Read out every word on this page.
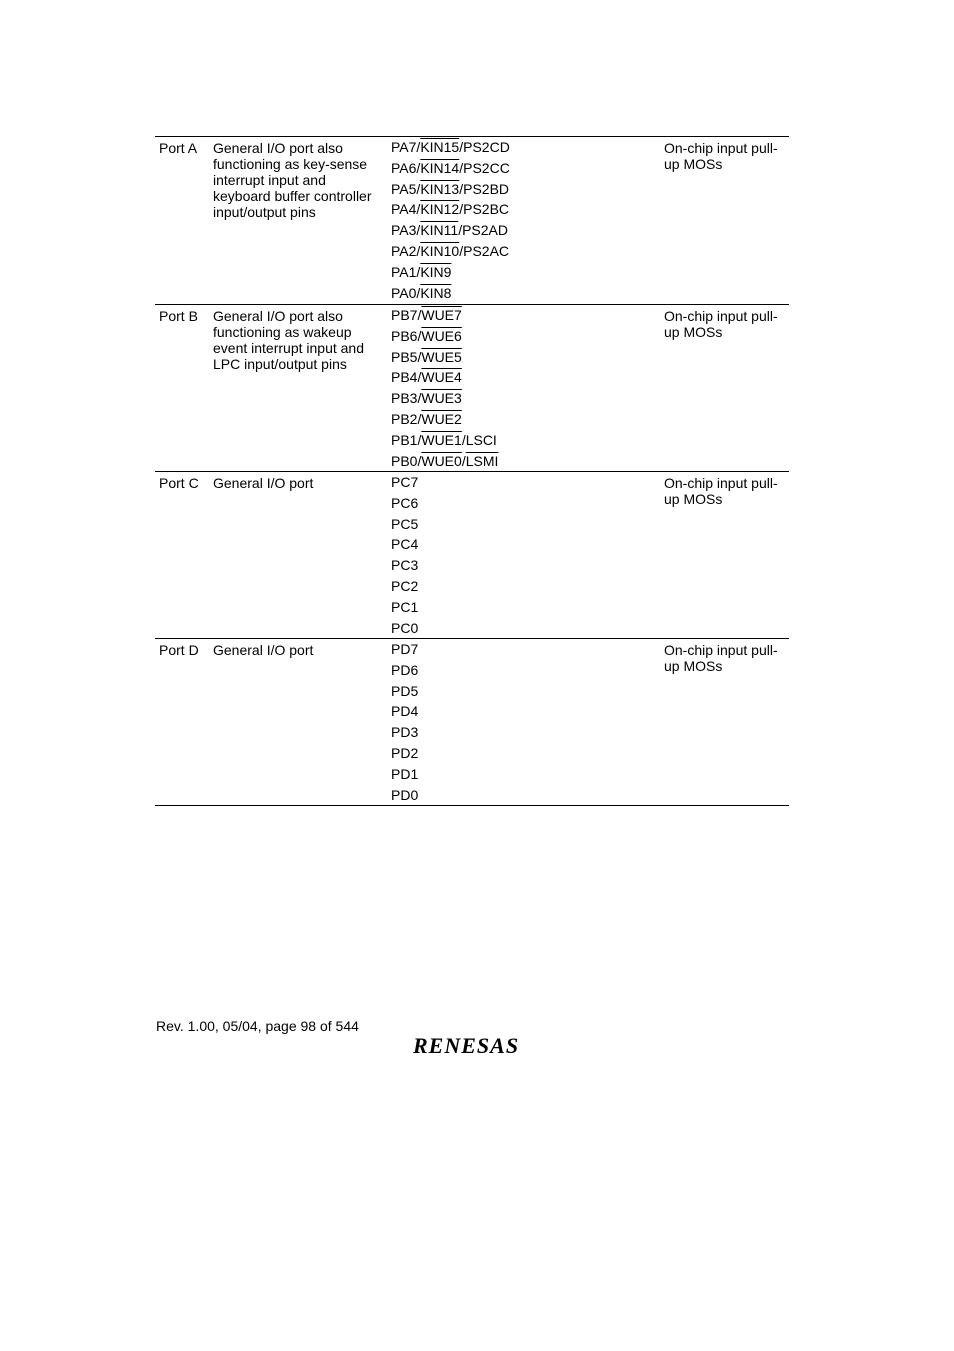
Port A General I/O port also functioning as key-sense interrupt input and keyboard buffer controller input/output pins
PA7/KIN15/PS2CD
PA6/KIN14/PS2CC
PA5/KIN13/PS2BD
PA4/KIN12/PS2BC
PA3/KIN11/PS2AD
PA2/KIN10/PS2AC
PA1/KIN9
PA0/KIN8
On-chip input pull-up MOSs
Port B General I/O port also functioning as wakeup event interrupt input and LPC input/output pins
PB7/WUE7
PB6/WUE6
PB5/WUE5
PB4/WUE4
PB3/WUE3
PB2/WUE2
PB1/WUE1/LSCI
PB0/WUE0/LSMI
On-chip input pull-up MOSs
Port C General I/O port	PC7
PC6
PC5
PC4
PC3
PC2
PC1
PC0
On-chip input pull-up MOSs
Port D General I/O port	PD7
PD6
PD5
PD4
PD3
PD2
PD1
PD0
On-chip input pull-up MOSs
Rev. 1.00, 05/04, page 98 of 544
RENESAS
